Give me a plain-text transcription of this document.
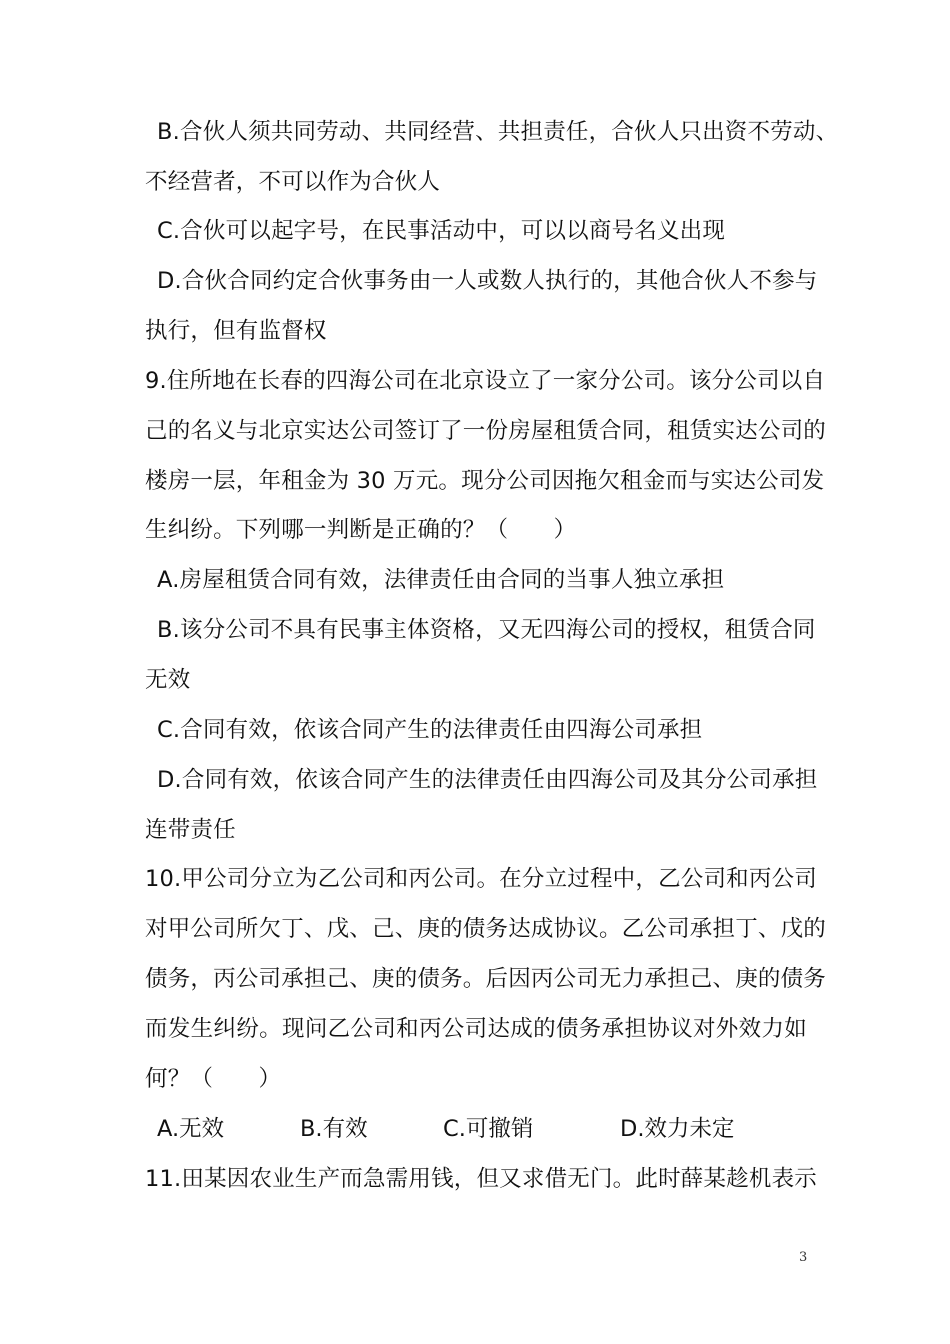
B.合伙人须共同劳动、共同经营、共担责任，合伙人只出资不劳动、
不经营者，不可以作为合伙人
C.合伙可以起字号，在民事活动中，可以以商号名义出现
D.合伙合同约定合伙事务由一人或数人执行的，其他合伙人不参与
执行，但有监督权
9.住所地在长春的四海公司在北京设立了一家分公司。该分公司以自
己的名义与北京实达公司签订了一份房屋租赁合同，租赁实达公司的
楼房一层，年租金为 30 万元。现分公司因拖欠租金而与实达公司发
生纠纷。下列哪一判断是正确的？（　　）
A.房屋租赁合同有效，法律责任由合同的当事人独立承担
B.该分公司不具有民事主体资格，又无四海公司的授权，租赁合同
无效
C.合同有效，依该合同产生的法律责任由四海公司承担
D.合同有效，依该合同产生的法律责任由四海公司及其分公司承担
连带责任
10.甲公司分立为乙公司和丙公司。在分立过程中，乙公司和丙公司
对甲公司所欠丁、戊、己、庚的债务达成协议。乙公司承担丁、戊的
债务，丙公司承担己、庚的债务。后因丙公司无力承担己、庚的债务
而发生纠纷。现问乙公司和丙公司达成的债务承担协议对外效力如
何？（　　）
A.无效	B.有效	C.可撤销	D.效力未定
11.田某因农业生产而急需用钱，但又求借无门。此时薛某趁机表示
3
